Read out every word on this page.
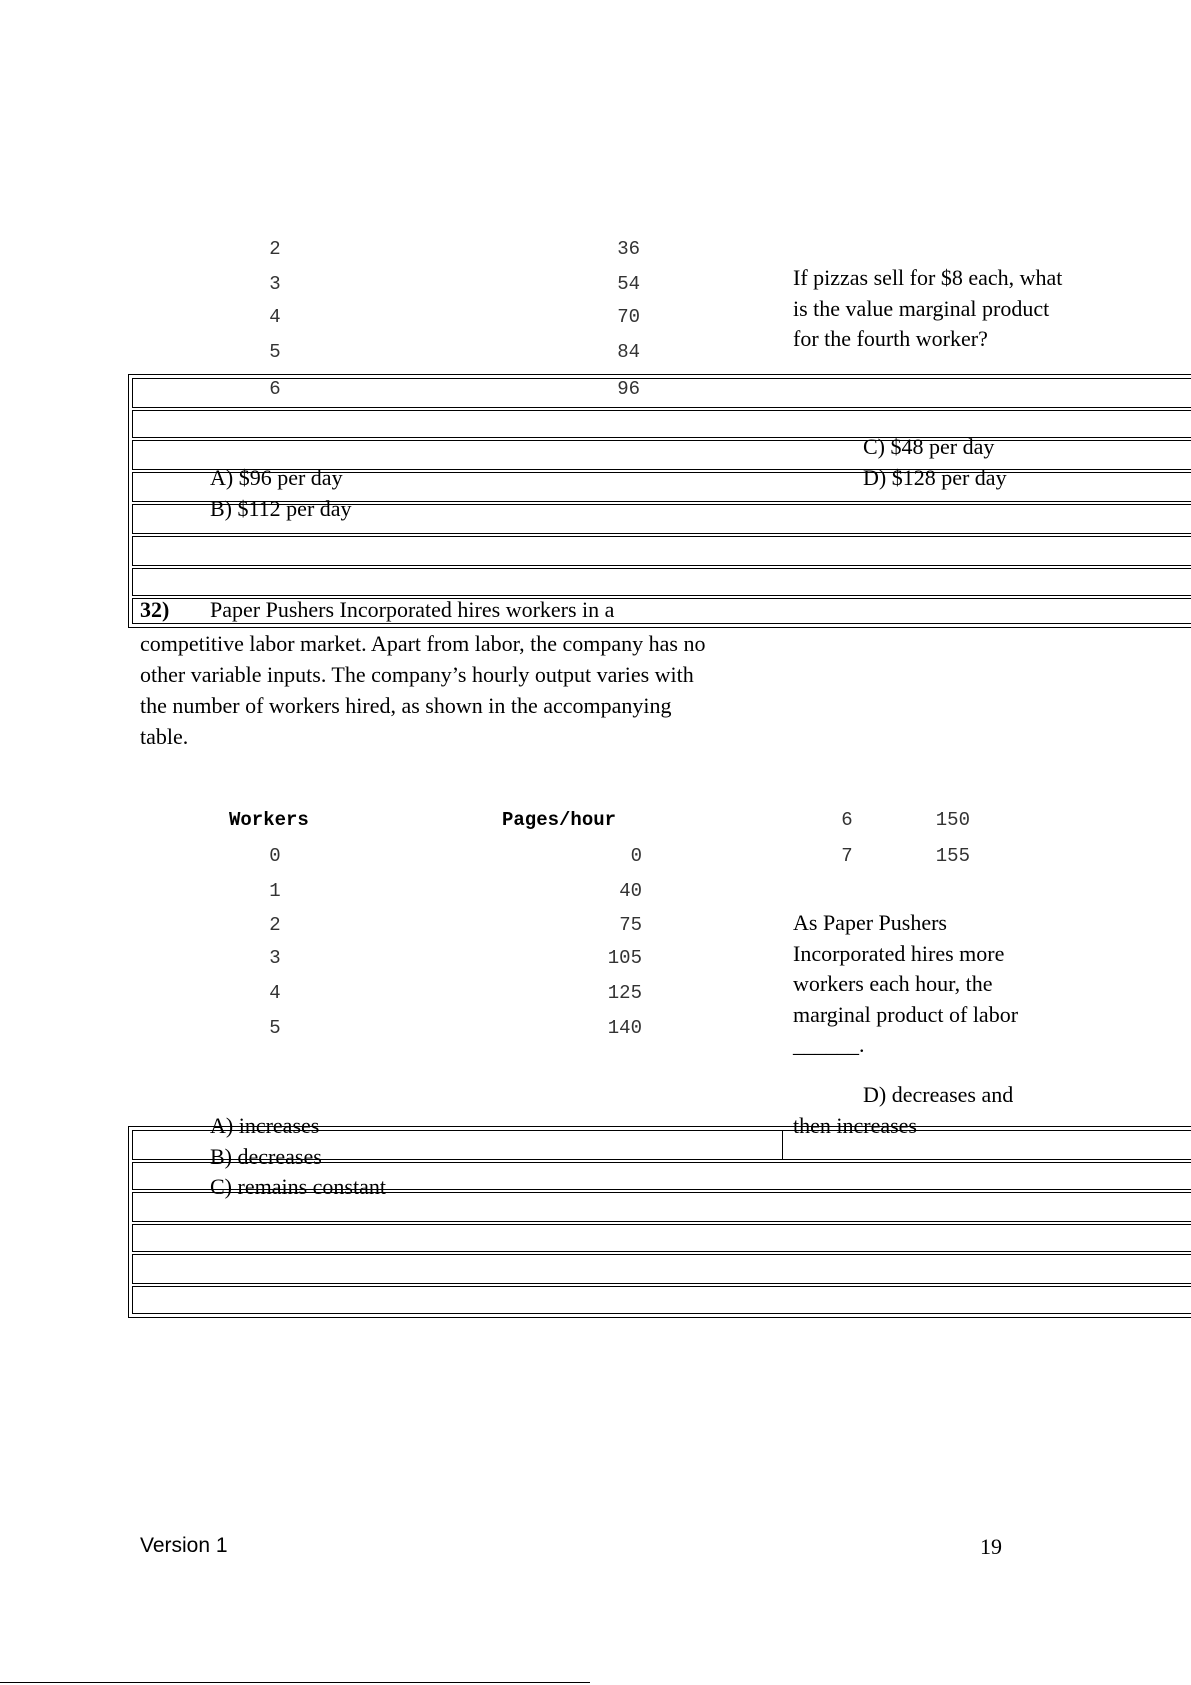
2	36
3	54
4	70
5	84
6	96
If pizzas sell for $8 each, what is the value marginal product for the fourth worker?
C) $48 per day
A) $96 per day	D) $128 per day
B) $112 per day
32) Paper Pushers Incorporated hires workers in a
competitive labor market. Apart from labor, the company has no other variable inputs. The company’s hourly output varies with the number of workers hired, as shown in the accompanying table.
Workers	Pages/hour
0	0
1	40
2	75
3	105
4	125
5	140
6	150
7	155
As Paper Pushers Incorporated hires more workers each hour, the marginal product of labor ______.
D) decreases and
A) increases	then increases
B) decreases
C) remains constant
Version 1	19
